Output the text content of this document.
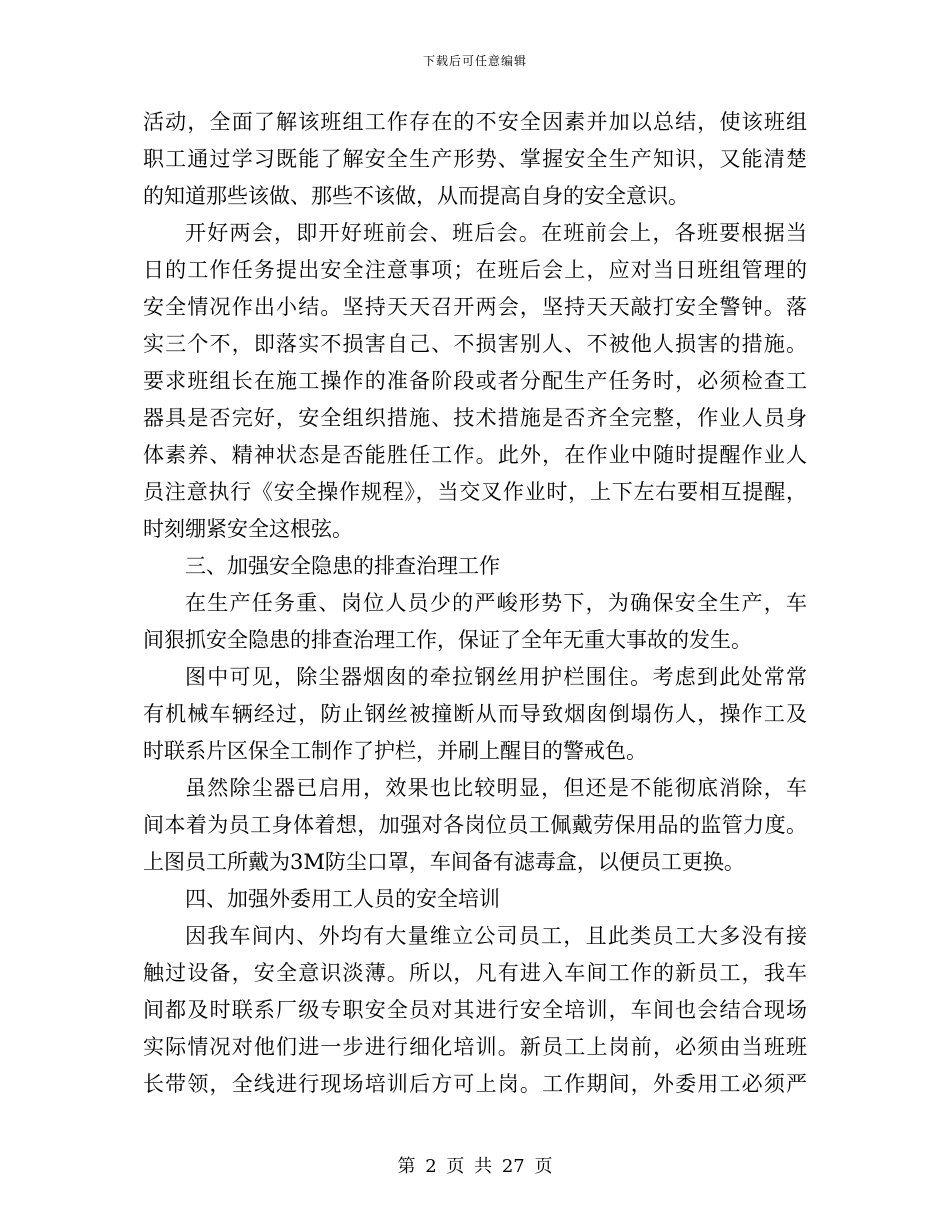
下载后可任意编辑
活动，全面了解该班组工作存在的不安全因素并加以总结，使该班组
职工通过学习既能了解安全生产形势、掌握安全生产知识，又能清楚
的知道那些该做、那些不该做，从而提高自身的安全意识。
开好两会，即开好班前会、班后会。在班前会上，各班要根据当
日的工作任务提出安全注意事项；在班后会上，应对当日班组管理的
安全情况作出小结。坚持天天召开两会，坚持天天敲打安全警钟。落
实三个不，即落实不损害自己、不损害别人、不被他人损害的措施。
要求班组长在施工操作的准备阶段或者分配生产任务时，必须检查工
器具是否完好，安全组织措施、技术措施是否齐全完整，作业人员身
体素养、精神状态是否能胜任工作。此外，在作业中随时提醒作业人
员注意执行《安全操作规程》，当交叉作业时，上下左右要相互提醒，
时刻绷紧安全这根弦。
三、加强安全隐患的排查治理工作
在生产任务重、岗位人员少的严峻形势下，为确保安全生产，车
间狠抓安全隐患的排查治理工作，保证了全年无重大事故的发生。
图中可见，除尘器烟囱的牵拉钢丝用护栏围住。考虑到此处常常
有机械车辆经过，防止钢丝被撞断从而导致烟囱倒塌伤人，操作工及
时联系片区保全工制作了护栏，并刷上醒目的警戒色。
虽然除尘器已启用，效果也比较明显，但还是不能彻底消除，车
间本着为员工身体着想，加强对各岗位员工佩戴劳保用品的监管力度。
上图员工所戴为3M防尘口罩，车间备有滤毒盒，以便员工更换。
四、加强外委用工人员的安全培训
因我车间内、外均有大量维立公司员工，且此类员工大多没有接
触过设备，安全意识淡薄。所以，凡有进入车间工作的新员工，我车
间都及时联系厂级专职安全员对其进行安全培训，车间也会结合现场
实际情况对他们进一步进行细化培训。新员工上岗前，必须由当班班
长带领，全线进行现场培训后方可上岗。工作期间，外委用工必须严
第 2 页 共 27 页
